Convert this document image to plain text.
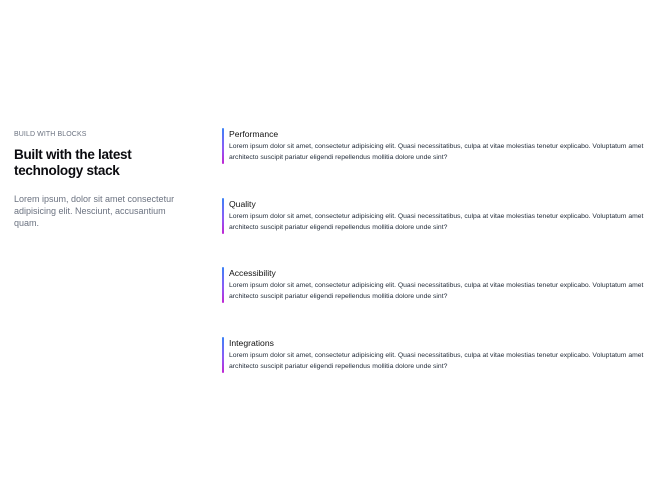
BUILD WITH BLOCKS

Built with the latest technology stack

Lorem ipsum, dolor sit amet consectetur adipisicing elit. Nesciunt, accusantium quam.

Performance

Lorem ipsum dolor sit amet, consectetur adipisicing elit. Quasi necessitatibus, culpa at vitae molestias tenetur explicabo. Voluptatum amet architecto suscipit pariatur eligendi repellendus mollitia dolore unde sint?

Quality

Lorem ipsum dolor sit amet, consectetur adipisicing elit. Quasi necessitatibus, culpa at vitae molestias tenetur explicabo. Voluptatum amet architecto suscipit pariatur eligendi repellendus mollitia dolore unde sint?

Accessibility

Lorem ipsum dolor sit amet, consectetur adipisicing elit. Quasi necessitatibus, culpa at vitae molestias tenetur explicabo. Voluptatum amet architecto suscipit pariatur eligendi repellendus mollitia dolore unde sint?

Integrations

Lorem ipsum dolor sit amet, consectetur adipisicing elit. Quasi necessitatibus, culpa at vitae molestias tenetur explicabo. Voluptatum amet architecto suscipit pariatur eligendi repellendus mollitia dolore unde sint?
